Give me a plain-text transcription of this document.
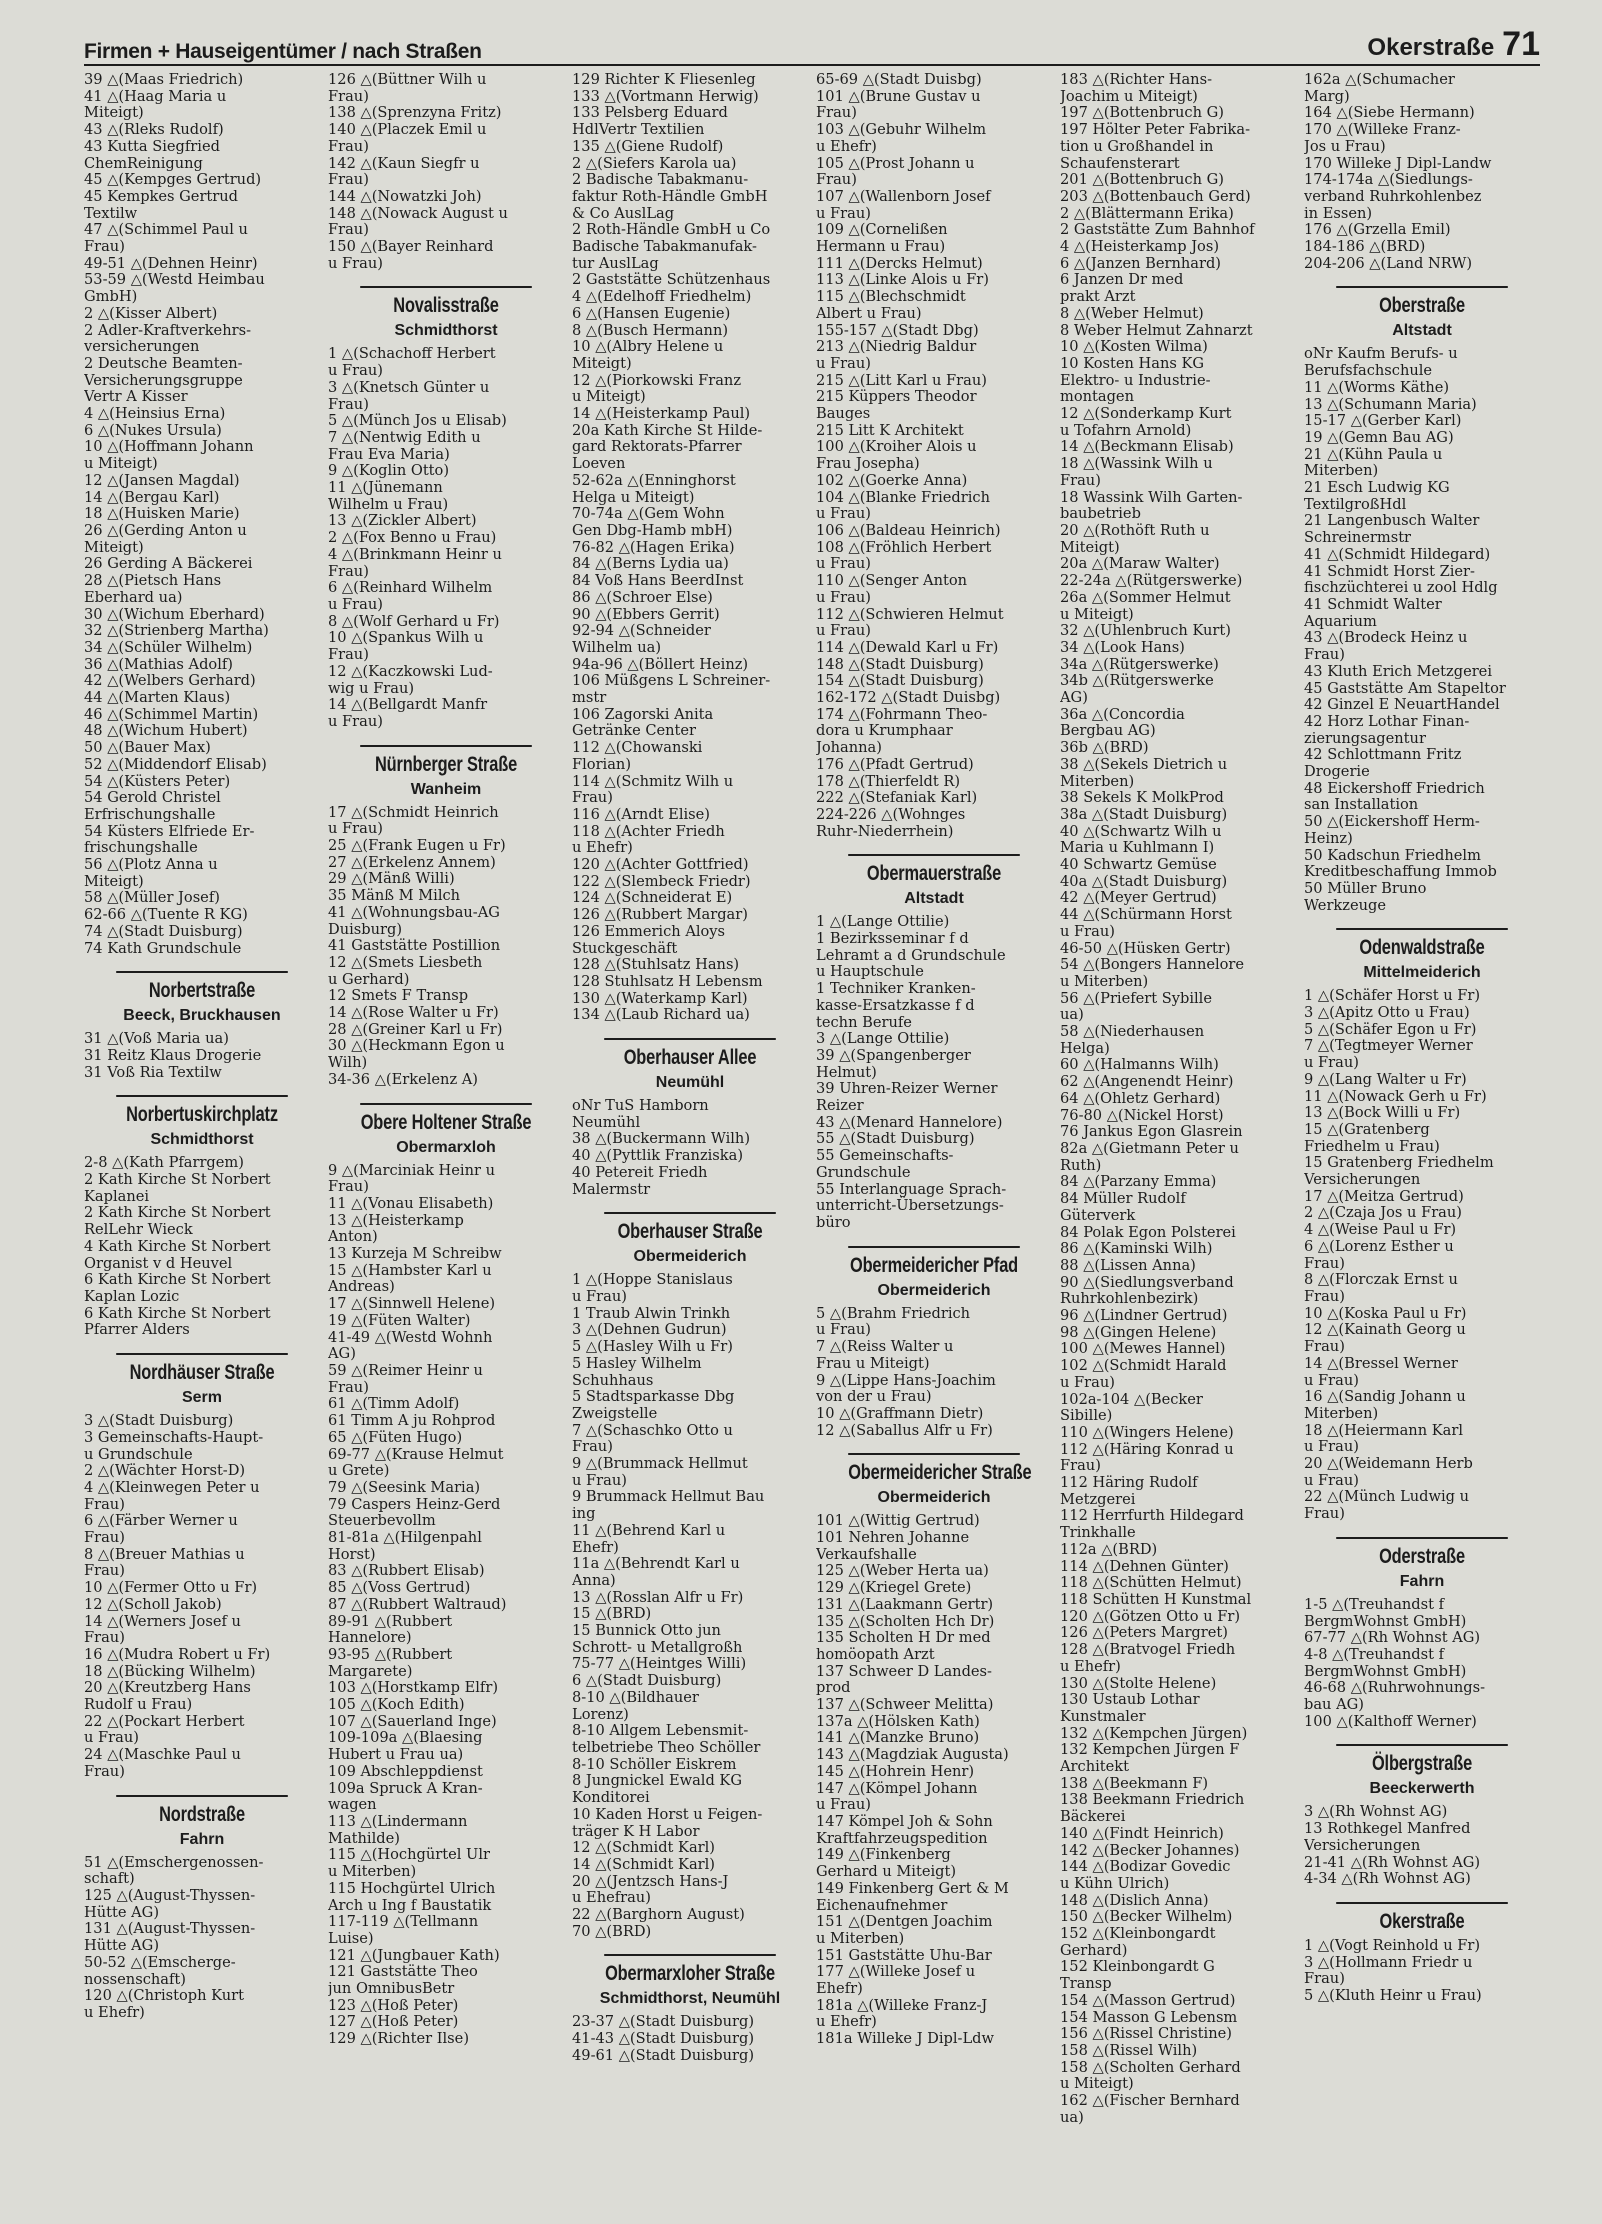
Firmen + Hauseigentümer / nach Straßen	Okerstraße 71
39 △(Maas Friedrich)
41 △(Haag Maria u
Miteigt)
43 △(Rleks Rudolf)
43 Kutta Siegfried
ChemReinigung
45 △(Kempges Gertrud)
45 Kempkes Gertrud
Textilw
47 △(Schimmel Paul u
Frau)
49-51 △(Dehnen Heinr)
53-59 △(Westd Heimbau
GmbH)
2 △(Kisser Albert)
2 Adler-Kraftverkehrs-
versicherungen
2 Deutsche Beamten-
Versicherungsgruppe
Vertr A Kisser
4 △(Heinsius Erna)
6 △(Nukes Ursula)
10 △(Hoffmann Johann
u Miteigt)
12 △(Jansen Magdal)
14 △(Bergau Karl)
18 △(Huisken Marie)
26 △(Gerding Anton u
Miteigt)
26 Gerding A Bäckerei
28 △(Pietsch Hans
Eberhard ua)
30 △(Wichum Eberhard)
32 △(Strienberg Martha)
34 △(Schüler Wilhelm)
36 △(Mathias Adolf)
42 △(Welbers Gerhard)
44 △(Marten Klaus)
46 △(Schimmel Martin)
48 △(Wichum Hubert)
50 △(Bauer Max)
52 △(Middendorf Elisab)
54 △(Küsters Peter)
54 Gerold Christel
Erfrischungshalle
54 Küsters Elfriede Er-
frischungshalle
56 △(Plotz Anna u
Miteigt)
58 △(Müller Josef)
62-66 △(Tuente R KG)
74 △(Stadt Duisburg)
74 Kath Grundschule
Norbertstraße
Beeck, Bruckhausen
31 △(Voß Maria ua)
31 Reitz Klaus Drogerie
31 Voß Ria Textilw
Norbertuskirchplatz
Schmidthorst
2-8 △(Kath Pfarrgem)
2 Kath Kirche St Norbert
Kaplanei
2 Kath Kirche St Norbert
RelLehr Wieck
4 Kath Kirche St Norbert
Organist v d Heuvel
6 Kath Kirche St Norbert
Kaplan Lozic
6 Kath Kirche St Norbert
Pfarrer Alders
Nordhäuser Straße
Serm
3 △(Stadt Duisburg)
3 Gemeinschafts-Haupt-
u Grundschule
2 △(Wächter Horst-D)
4 △(Kleinwegen Peter u
Frau)
6 △(Färber Werner u
Frau)
8 △(Breuer Mathias u
Frau)
10 △(Fermer Otto u Fr)
12 △(Scholl Jakob)
14 △(Werners Josef u
Frau)
16 △(Mudra Robert u Fr)
18 △(Bücking Wilhelm)
20 △(Kreutzberg Hans
Rudolf u Frau)
22 △(Pockart Herbert
u Frau)
24 △(Maschke Paul u
Frau)
Nordstraße
Fahrn
51 △(Emschergenossen-
schaft)
125 △(August-Thyssen-
Hütte AG)
131 △(August-Thyssen-
Hütte AG)
50-52 △(Emscherge-
nossenschaft)
120 △(Christoph Kurt
u Ehefr)
126 △(Büttner Wilh u
Frau)
138 △(Sprenzyna Fritz)
140 △(Placzek Emil u
Frau)
142 △(Kaun Siegfr u
Frau)
144 △(Nowatzki Joh)
148 △(Nowack August u
Frau)
150 △(Bayer Reinhard
u Frau)
Novalisstraße
Schmidthorst
1 △(Schachoff Herbert
u Frau)
3 △(Knetsch Günter u
Frau)
5 △(Münch Jos u Elisab)
7 △(Nentwig Edith u
Frau Eva Maria)
9 △(Koglin Otto)
11 △(Jünemann
Wilhelm u Frau)
13 △(Zickler Albert)
2 △(Fox Benno u Frau)
4 △(Brinkmann Heinr u
Frau)
6 △(Reinhard Wilhelm
u Frau)
8 △(Wolf Gerhard u Fr)
10 △(Spankus Wilh u
Frau)
12 △(Kaczkowski Lud-
wig u Frau)
14 △(Bellgardt Manfr
u Frau)
Nürnberger Straße
Wanheim
17 △(Schmidt Heinrich
u Frau)
25 △(Frank Eugen u Fr)
27 △(Erkelenz Annem)
29 △(Mänß Willi)
35 Mänß M Milch
41 △(Wohnungsbau-AG
Duisburg)
41 Gaststätte Postillion
12 △(Smets Liesbeth
u Gerhard)
12 Smets F Transp
14 △(Rose Walter u Fr)
28 △(Greiner Karl u Fr)
30 △(Heckmann Egon u
Wilh)
34-36 △(Erkelenz A)
Obere Holtener Straße
Obermarxloh
9 △(Marciniak Heinr u
Frau)
11 △(Vonau Elisabeth)
13 △(Heisterkamp
Anton)
13 Kurzeja M Schreibw
15 △(Hambster Karl u
Andreas)
17 △(Sinnwell Helene)
19 △(Füten Walter)
41-49 △(Westd Wohnh
AG)
59 △(Reimer Heinr u
Frau)
61 △(Timm Adolf)
61 Timm A ju Rohprod
65 △(Füten Hugo)
69-77 △(Krause Helmut
u Grete)
79 △(Seesink Maria)
79 Caspers Heinz-Gerd
Steuerbevollm
81-81a △(Hilgenpahl
Horst)
83 △(Rubbert Elisab)
85 △(Voss Gertrud)
87 △(Rubbert Waltraud)
89-91 △(Rubbert
Hannelore)
93-95 △(Rubbert
Margarete)
103 △(Horstkamp Elfr)
105 △(Koch Edith)
107 △(Sauerland Inge)
109-109a △(Blaesing
Hubert u Frau ua)
109 Abschleppdienst
109a Spruck A Kran-
wagen
113 △(Lindermann
Mathilde)
115 △(Hochgürtel Ulr
u Miterben)
115 Hochgürtel Ulrich
Arch u Ing f Baustatik
117-119 △(Tellmann
Luise)
121 △(Jungbauer Kath)
121 Gaststätte Theo
jun OmnibusBetr
123 △(Hoß Peter)
127 △(Hoß Peter)
129 △(Richter Ilse)
129 Richter K Fliesenleg
133 △(Vortmann Herwig)
133 Pelsberg Eduard
HdlVertr Textilien
135 △(Giene Rudolf)
2 △(Siefers Karola ua)
2 Badische Tabakmanu-
faktur Roth-Händle GmbH
& Co AuslLag
2 Roth-Händle GmbH u Co
Badische Tabakmanufak-
tur AuslLag
2 Gaststätte Schützenhaus
4 △(Edelhoff Friedhelm)
6 △(Hansen Eugenie)
8 △(Busch Hermann)
10 △(Albry Helene u
Miteigt)
12 △(Piorkowski Franz
u Miteigt)
14 △(Heisterkamp Paul)
20a Kath Kirche St Hilde-
gard Rektorats-Pfarrer
Loeven
52-62a △(Enninghorst
Helga u Miteigt)
70-74a △(Gem Wohn
Gen Dbg-Hamb mbH)
76-82 △(Hagen Erika)
84 △(Berns Lydia ua)
84 Voß Hans BeerdInst
86 △(Schroer Else)
90 △(Ebbers Gerrit)
92-94 △(Schneider
Wilhelm ua)
94a-96 △(Böllert Heinz)
106 Müßgens L Schreiner-
mstr
106 Zagorski Anita
Getränke Center
112 △(Chowanski
Florian)
114 △(Schmitz Wilh u
Frau)
116 △(Arndt Elise)
118 △(Achter Friedh
u Ehefr)
120 △(Achter Gottfried)
122 △(Slembeck Friedr)
124 △(Schneiderat E)
126 △(Rubbert Margar)
126 Emmerich Aloys
Stuckgeschäft
128 △(Stuhlsatz Hans)
128 Stuhlsatz H Lebensm
130 △(Waterkamp Karl)
134 △(Laub Richard ua)
Oberhauser Allee
Neumühl
oNr TuS Hamborn
Neumühl
38 △(Buckermann Wilh)
40 △(Pyttlik Franziska)
40 Petereit Friedh
Malermstr
Oberhauser Straße
Obermeiderich
1 △(Hoppe Stanislaus
u Frau)
1 Traub Alwin Trinkh
3 △(Dehnen Gudrun)
5 △(Hasley Wilh u Fr)
5 Hasley Wilhelm
Schuhhaus
5 Stadtsparkasse Dbg
Zweigstelle
7 △(Schaschko Otto u
Frau)
9 △(Brummack Hellmut
u Frau)
9 Brummack Hellmut Bau
ing
11 △(Behrend Karl u
Ehefr)
11a △(Behrendt Karl u
Anna)
13 △(Rosslan Alfr u Fr)
15 △(BRD)
15 Bunnick Otto jun
Schrott- u Metallgroßh
75-77 △(Heintges Willi)
6 △(Stadt Duisburg)
8-10 △(Bildhauer
Lorenz)
8-10 Allgem Lebensmit-
telbetriebe Theo Schöller
8-10 Schöller Eiskrem
8 Jungnickel Ewald KG
Konditorei
10 Kaden Horst u Feigen-
träger K H Labor
12 △(Schmidt Karl)
14 △(Schmidt Karl)
20 △(Jentzsch Hans-J
u Ehefrau)
22 △(Barghorn August)
70 △(BRD)
Obermarxloher Straße
Schmidthorst, Neumühl
23-37 △(Stadt Duisburg)
41-43 △(Stadt Duisburg)
49-61 △(Stadt Duisburg)
65-69 △(Stadt Duisbg)
101 △(Brune Gustav u
Frau)
103 △(Gebuhr Wilhelm
u Ehefr)
105 △(Prost Johann u
Frau)
107 △(Wallenborn Josef
u Frau)
109 △(Cornelißen
Hermann u Frau)
111 △(Dercks Helmut)
113 △(Linke Alois u Fr)
115 △(Blechschmidt
Albert u Frau)
155-157 △(Stadt Dbg)
213 △(Niedrig Baldur
u Frau)
215 △(Litt Karl u Frau)
215 Küppers Theodor
Bauges
215 Litt K Architekt
100 △(Kroiher Alois u
Frau Josepha)
102 △(Goerke Anna)
104 △(Blanke Friedrich
u Frau)
106 △(Baldeau Heinrich)
108 △(Fröhlich Herbert
u Frau)
110 △(Senger Anton
u Frau)
112 △(Schwieren Helmut
u Frau)
114 △(Dewald Karl u Fr)
148 △(Stadt Duisburg)
154 △(Stadt Duisburg)
162-172 △(Stadt Duisbg)
174 △(Fohrmann Theo-
dora u Krumphaar
Johanna)
176 △(Pfadt Gertrud)
178 △(Thierfeldt R)
222 △(Stefaniak Karl)
224-226 △(Wohnges
Ruhr-Niederrhein)
Obermauerstraße
Altstadt
1 △(Lange Ottilie)
1 Bezirksseminar f d
Lehramt a d Grundschule
u Hauptschule
1 Techniker Kranken-
kasse-Ersatzkasse f d
techn Berufe
3 △(Lange Ottilie)
39 △(Spangenberger
Helmut)
39 Uhren-Reizer Werner
Reizer
43 △(Menard Hannelore)
55 △(Stadt Duisburg)
55 Gemeinschafts-
Grundschule
55 Interlanguage Sprach-
unterricht-Übersetzungs-
büro
Obermeidericher Pfad
Obermeiderich
5 △(Brahm Friedrich
u Frau)
7 △(Reiss Walter u
Frau u Miteigt)
9 △(Lippe Hans-Joachim
von der u Frau)
10 △(Graffmann Dietr)
12 △(Saballus Alfr u Fr)
Obermeidericher Straße
Obermeiderich
101 △(Wittig Gertrud)
101 Nehren Johanne
Verkaufshalle
125 △(Weber Herta ua)
129 △(Kriegel Grete)
131 △(Laakmann Gertr)
135 △(Scholten Hch Dr)
135 Scholten H Dr med
homöopath Arzt
137 Schweer D Landes-
prod
137 △(Schweer Melitta)
137a △(Hölsken Kath)
141 △(Manzke Bruno)
143 △(Magdziak Augusta)
145 △(Hohrein Henr)
147 △(Kömpel Johann
u Frau)
147 Kömpel Joh & Sohn
Kraftfahrzeugspedition
149 △(Finkenberg
Gerhard u Miteigt)
149 Finkenberg Gert & M
Eichenaufnehmer
151 △(Dentgen Joachim
u Miterben)
151 Gaststätte Uhu-Bar
177 △(Willeke Josef u
Ehefr)
181a △(Willeke Franz-J
u Ehefr)
181a Willeke J Dipl-Ldw
183 △(Richter Hans-
Joachim u Miteigt)
197 △(Bottenbruch G)
197 Hölter Peter Fabrika-
tion u Großhandel in
Schaufensterart
201 △(Bottenbruch G)
203 △(Bottenbauch Gerd)
2 △(Blättermann Erika)
2 Gaststätte Zum Bahnhof
4 △(Heisterkamp Jos)
6 △(Janzen Bernhard)
6 Janzen Dr med
prakt Arzt
8 △(Weber Helmut)
8 Weber Helmut Zahnarzt
10 △(Kosten Wilma)
10 Kosten Hans KG
Elektro- u Industrie-
montagen
12 △(Sonderkamp Kurt
u Tofahrn Arnold)
14 △(Beckmann Elisab)
18 △(Wassink Wilh u
Frau)
18 Wassink Wilh Garten-
baubetrieb
20 △(Rothöft Ruth u
Miteigt)
20a △(Maraw Walter)
22-24a △(Rütgerswerke)
26a △(Sommer Helmut
u Miteigt)
32 △(Uhlenbruch Kurt)
34 △(Look Hans)
34a △(Rütgerswerke)
34b △(Rütgerswerke
AG)
36a △(Concordia
Bergbau AG)
36b △(BRD)
38 △(Sekels Dietrich u
Miterben)
38 Sekels K MolkProd
38a △(Stadt Duisburg)
40 △(Schwartz Wilh u
Maria u Kuhlmann I)
40 Schwartz Gemüse
40a △(Stadt Duisburg)
42 △(Meyer Gertrud)
44 △(Schürmann Horst
u Frau)
46-50 △(Hüsken Gertr)
54 △(Bongers Hannelore
u Miterben)
56 △(Priefert Sybille
ua)
58 △(Niederhausen
Helga)
60 △(Halmanns Wilh)
62 △(Angenendt Heinr)
64 △(Ohletz Gerhard)
76-80 △(Nickel Horst)
76 Jankus Egon Glasrein
82a △(Gietmann Peter u
Ruth)
84 △(Parzany Emma)
84 Müller Rudolf
Güterverk
84 Polak Egon Polsterei
86 △(Kaminski Wilh)
88 △(Lissen Anna)
90 △(Siedlungsverband
Ruhrkohlenbezirk)
96 △(Lindner Gertrud)
98 △(Gingen Helene)
100 △(Mewes Hannel)
102 △(Schmidt Harald
u Frau)
102a-104 △(Becker
Sibille)
110 △(Wingers Helene)
112 △(Häring Konrad u
Frau)
112 Häring Rudolf
Metzgerei
112 Herrfurth Hildegard
Trinkhalle
112a △(BRD)
114 △(Dehnen Günter)
118 △(Schütten Helmut)
118 Schütten H Kunstmal
120 △(Götzen Otto u Fr)
126 △(Peters Margret)
128 △(Bratvogel Friedh
u Ehefr)
130 △(Stolte Helene)
130 Ustaub Lothar
Kunstmaler
132 △(Kempchen Jürgen)
132 Kempchen Jürgen F
Architekt
138 △(Beekmann F)
138 Beekmann Friedrich
Bäckerei
140 △(Findt Heinrich)
142 △(Becker Johannes)
144 △(Bodizar Govedic
u Kühn Ulrich)
148 △(Dislich Anna)
150 △(Becker Wilhelm)
152 △(Kleinbongardt
Gerhard)
152 Kleinbongardt G
Transp
154 △(Masson Gertrud)
154 Masson G Lebensm
156 △(Rissel Christine)
158 △(Rissel Wilh)
158 △(Scholten Gerhard
u Miteigt)
162 △(Fischer Bernhard
ua)
162a △(Schumacher
Marg)
164 △(Siebe Hermann)
170 △(Willeke Franz-
Jos u Frau)
170 Willeke J Dipl-Landw
174-174a △(Siedlungs-
verband Ruhrkohlenbez
in Essen)
176 △(Grzella Emil)
184-186 △(BRD)
204-206 △(Land NRW)
Oberstraße
Altstadt
oNr Kaufm Berufs- u
Berufsfachschule
11 △(Worms Käthe)
13 △(Schumann Maria)
15-17 △(Gerber Karl)
19 △(Gemn Bau AG)
21 △(Kühn Paula u
Miterben)
21 Esch Ludwig KG
TextilgroßHdl
21 Langenbusch Walter
Schreinermstr
41 △(Schmidt Hildegard)
41 Schmidt Horst Zier-
fischzüchterei u zool Hdlg
41 Schmidt Walter
Aquarium
43 △(Brodeck Heinz u
Frau)
43 Kluth Erich Metzgerei
45 Gaststätte Am Stapeltor
42 Ginzel E NeuartHandel
42 Horz Lothar Finan-
zierungsagentur
42 Schlottmann Fritz
Drogerie
48 Eickershoff Friedrich
san Installation
50 △(Eickershoff Herm-
Heinz)
50 Kadschun Friedhelm
Kreditbeschaffung Immob
50 Müller Bruno
Werkzeuge
Odenwaldstraße
Mittelmeiderich
1 △(Schäfer Horst u Fr)
3 △(Apitz Otto u Frau)
5 △(Schäfer Egon u Fr)
7 △(Tegtmeyer Werner
u Frau)
9 △(Lang Walter u Fr)
11 △(Nowack Gerh u Fr)
13 △(Bock Willi u Fr)
15 △(Gratenberg
Friedhelm u Frau)
15 Gratenberg Friedhelm
Versicherungen
17 △(Meitza Gertrud)
2 △(Czaja Jos u Frau)
4 △(Weise Paul u Fr)
6 △(Lorenz Esther u
Frau)
8 △(Florczak Ernst u
Frau)
10 △(Koska Paul u Fr)
12 △(Kainath Georg u
Frau)
14 △(Bressel Werner
u Frau)
16 △(Sandig Johann u
Miterben)
18 △(Heiermann Karl
u Frau)
20 △(Weidemann Herb
u Frau)
22 △(Münch Ludwig u
Frau)
Oderstraße
Fahrn
1-5 △(Treuhandst f
BergmWohnst GmbH)
67-77 △(Rh Wohnst AG)
4-8 △(Treuhandst f
BergmWohnst GmbH)
46-68 △(Ruhrwohnungs-
bau AG)
100 △(Kalthoff Werner)
Ölbergstraße
Beeckerwerth
3 △(Rh Wohnst AG)
13 Rothkegel Manfred
Versicherungen
21-41 △(Rh Wohnst AG)
4-34 △(Rh Wohnst AG)
Okerstraße
1 △(Vogt Reinhold u Fr)
3 △(Hollmann Friedr u
Frau)
5 △(Kluth Heinr u Frau)
